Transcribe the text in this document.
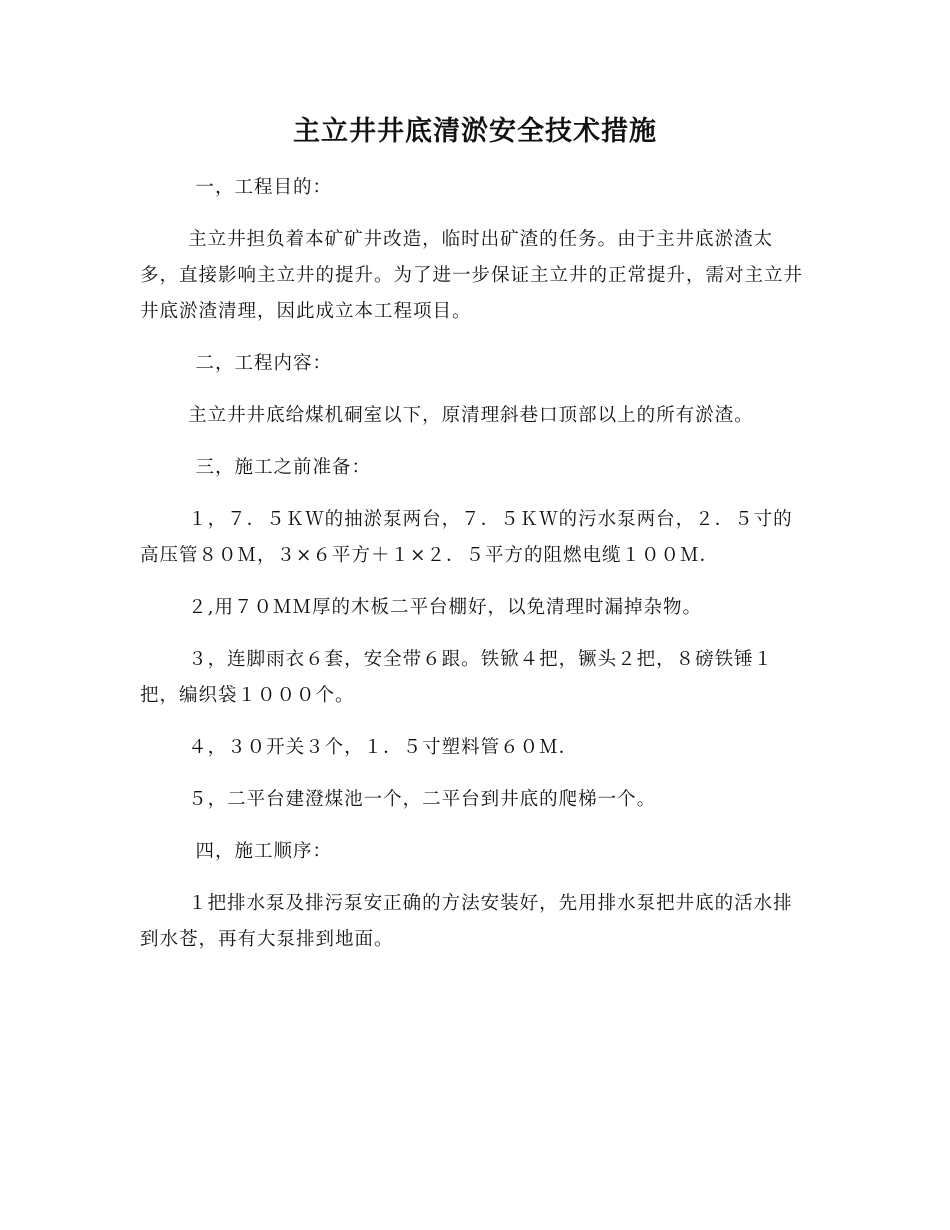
主立井井底清淤安全技术措施

一，工程目的：

主立井担负着本矿矿井改造，临时出矿渣的任务。由于主井底淤渣太多，直接影响主立井的提升。为了进一步保证主立井的正常提升，需对主立井井底淤渣清理，因此成立本工程项目。

二，工程内容：

主立井井底给煤机硐室以下，原清理斜巷口顶部以上的所有淤渣。

三，施工之前准备：

１，７．５ＫＷ的抽淤泵两台，７．５ＫＷ的污水泵两台，２．５寸的高压管８０Ｍ，３×６平方＋１×２．５平方的阻燃电缆１００Ｍ．

２,用７０ＭＭ厚的木板二平台棚好，以免清理时漏掉杂物。

３，连脚雨衣６套，安全带６跟。铁锨４把，镢头２把，８磅铁锤１把，编织袋１０００个。

４，３０开关３个，１．５寸塑料管６０Ｍ．

５，二平台建澄煤池一个，二平台到井底的爬梯一个。

四，施工顺序：

１把排水泵及排污泵安正确的方法安装好，先用排水泵把井底的活水排到水苍，再有大泵排到地面。
